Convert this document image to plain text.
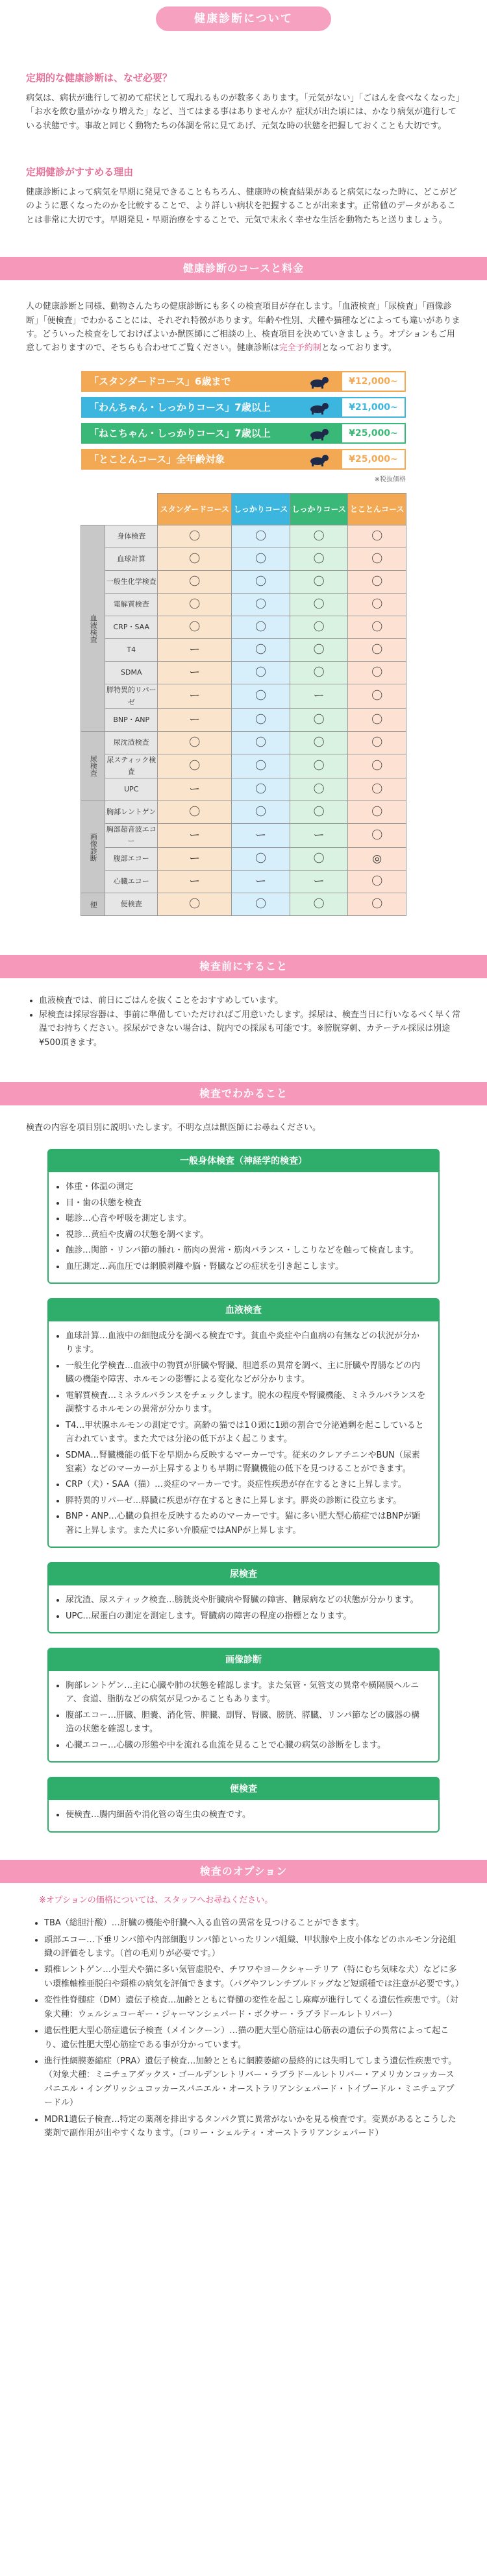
健康診断について
定期的な健康診断は、なぜ必要？

病気は、病状が進行して初めて症状として現れるものが数多くあります。「元気がない」「ごはんを食べなくなった」「お水を飲む量がかなり増えた」など、当てはまる事はありませんか？症状が出た頃には、かなり病気が進行している状態です。事故と同じく動物たちの体調を常に見てあげ、元気な時の状態を把握しておくことも大切です。

定期健診がすすめる理由

健康診断によって病気を早期に発見できることもちろん、健康時の検査結果があると病気になった時に、どこがどのように悪くなったのかを比較することで、より詳しい病状を把握することが出来ます。正常値のデータがあることは非常に大切です。早期発見・早期治療をすることで、元気で末永く幸せな生活を動物たちと送りましょう。

健康診断のコースと料金

人の健康診断と同様、動物さんたちの健康診断にも多くの検査項目が存在します。「血液検査」「尿検査」「画像診断」「便検査」でわかることには、それぞれ特徴があります。年齢や性別、犬種や猫種などによっても違いがあります。どういった検査をしておけばよいか獣医師にご相談の上、検査項目を決めていきましょう。オプションもご用意しておりますので、そちらも合わせてご覧ください。健康診断は完全予約制となっております。

「スタンダードコース」6歳まで	¥12,000~
「わんちゃん・しっかりコース」7歳以上	¥21,000~
「ねこちゃん・しっかりコース」7歳以上	¥25,000~
「とことんコース」全年齢対象	¥25,000~
※税抜価格
		スタンダードコース	しっかりコース	しっかりコース	とことんコース
血液検査	身体検査	〇	〇	〇	〇
	血球計算	〇	〇	〇	〇
	一般生化学検査	〇	〇	〇	〇
	電解質検査	〇	〇	〇	〇
	CRP・SAA	〇	〇	〇	〇
	T4	ー	〇	〇	〇
	SDMA	ー	〇	〇	〇
	膵特異的リパーゼ	ー	〇	ー	〇
	BNP・ANP	ー	〇	〇	〇
尿検査	尿沈渣検査	〇	〇	〇	〇
	尿スティック検査	〇	〇	〇	〇
	UPC	ー	〇	〇	〇
画像診断	胸部レントゲン	〇	〇	〇	〇
	胸部超音波エコー	ー	ー	ー	〇
	腹部エコー	ー	〇	〇	◎
	心臓エコー	ー	ー	ー	〇
便	便検査	〇	〇	〇	〇
検査前にすること
• 血液検査では、前日にごはんを抜くことをおすすめしています。
• 尿検査は採尿容器は、事前に準備していただければご用意いたします。採尿は、検査当日に行いなるべく早く常温でお持ちください。採尿ができない場合は、院内での採尿も可能です。※膀胱穿刺、カテーテル採尿は別途¥500頂きます。
検査でわかること

検査の内容を項目別に説明いたします。不明な点は獣医師にお尋ねください。

一般身体検査（神経学的検査）
• 体重・体温の測定
• 目・歯の状態を検査
• 聴診…心音や呼吸を測定します。
• 視診…黄疸や皮膚の状態を調べます。
• 触診…関節・リンパ節の腫れ・筋肉の異常・筋肉バランス・しこりなどを触って検査します。
• 血圧測定…高血圧では網膜剥離や脳・腎臓などの症状を引き起こします。
血液検査
• 血球計算…血液中の細胞成分を調べる検査です。貧血や炎症や白血病の有無などの状況が分かります。
• 一般生化学検査…血液中の物質が肝臓や腎臓、胆道系の異常を調べ、主に肝臓や胃腸などの内臓の機能や障害、ホルモンの影響による変化などが分かります。
• 電解質検査…ミネラルバランスをチェックします。脱水の程度や腎臓機能、ミネラルバランスを調整するホルモンの異常が分かります。
• T4…甲状腺ホルモンの測定です。高齢の猫では1０頭に1頭の割合で分泌過剰を起こしていると言われています。また犬では分泌の低下がよく起こります。
• SDMA…腎臓機能の低下を早期から反映するマーカーです。従来のクレアチニンやBUN（尿素窒素）などのマーカーが上昇するよりも早期に腎臓機能の低下を見つけることができます。
• CRP（犬）・SAA（猫）…炎症のマーカーです。炎症性疾患が存在するときに上昇します。
• 膵特異的リパーゼ…膵臓に疾患が存在するときに上昇します。膵炎の診断に役立ちます。
• BNP・ANP…心臓の負担を反映するためのマーカーです。猫に多い肥大型心筋症ではBNPが顕著に上昇します。また犬に多い弁膜症ではANPが上昇します。
尿検査
• 尿沈渣、尿スティック検査…膀胱炎や肝臓病や腎臓の障害、糖尿病などの状態が分かります。
• UPC…尿蛋白の測定を測定します。腎臓病の障害の程度の指標となります。
画像診断
• 胸部レントゲン…主に心臓や肺の状態を確認します。また気管・気管支の異常や横隔膜ヘルニア、食道、脂肪などの病気が見つかることもあります。
• 腹部エコー…肝臓、胆嚢、消化管、脾臓、副腎、腎臓、膀胱、膵臓、リンパ節などの臓器の構造の状態を確認します。
• 心臓エコー…心臓の形態や中を流れる血流を見ることで心臓の病気の診断をします。
便検査
• 便検査…腸内細菌や消化管の寄生虫の検査です。
検査のオプション

※オプションの価格については、スタッフへお尋ねください。

• TBA（総胆汁酸）…肝臓の機能や肝臓へ入る血管の異常を見つけることができます。
• 頭部エコー…下垂リンパ節や内部細胞リンパ節といったリンパ組織、甲状腺や上皮小体などのホルモン分泌組織の評価をします。（首の毛刈りが必要です。）
• 頸椎レントゲン…小型犬や猫に多い気管虚脱や、チワワやヨークシャーテリア（特にむち気味な犬）などに多い環椎軸椎亜脱臼や頸椎の病気を評価できます。（パグやフレンチブルドッグなど短頭種では注意が必要です。）
• 変性性脊髄症（DM）遺伝子検査…加齢とともに脊髄の変性を起こし麻痺が進行してくる遺伝性疾患です。（対象犬種：ウェルシュコーギー・ジャーマンシェパード・ボクサー・ラブラドールレトリバー）
• 遺伝性肥大型心筋症遺伝子検査（メインクーン）…猫の肥大型心筋症は心筋表の遺伝子の異常によって起こり、遺伝性肥大型心筋症である事が分かっています。
• 進行性網膜萎縮症（PRA）遺伝子検査…加齢とともに網膜萎縮の最終的には失明してしまう遺伝性疾患です。（対象犬種：ミニチュアダックス・ゴールデンレトリバー・ラブラドールレトリバー・アメリカンコッカースパニエル・イングリッシュコッカースパニエル・オーストラリアンシェパード・トイプードル・ミニチュアプードル）
• MDR1遺伝子検査…特定の薬剤を排出するタンパク質に異常がないかを見る検査です。変異があるとこうした薬剤で副作用が出やすくなります。（コリー・シェルティ・オーストラリアンシェパード）
